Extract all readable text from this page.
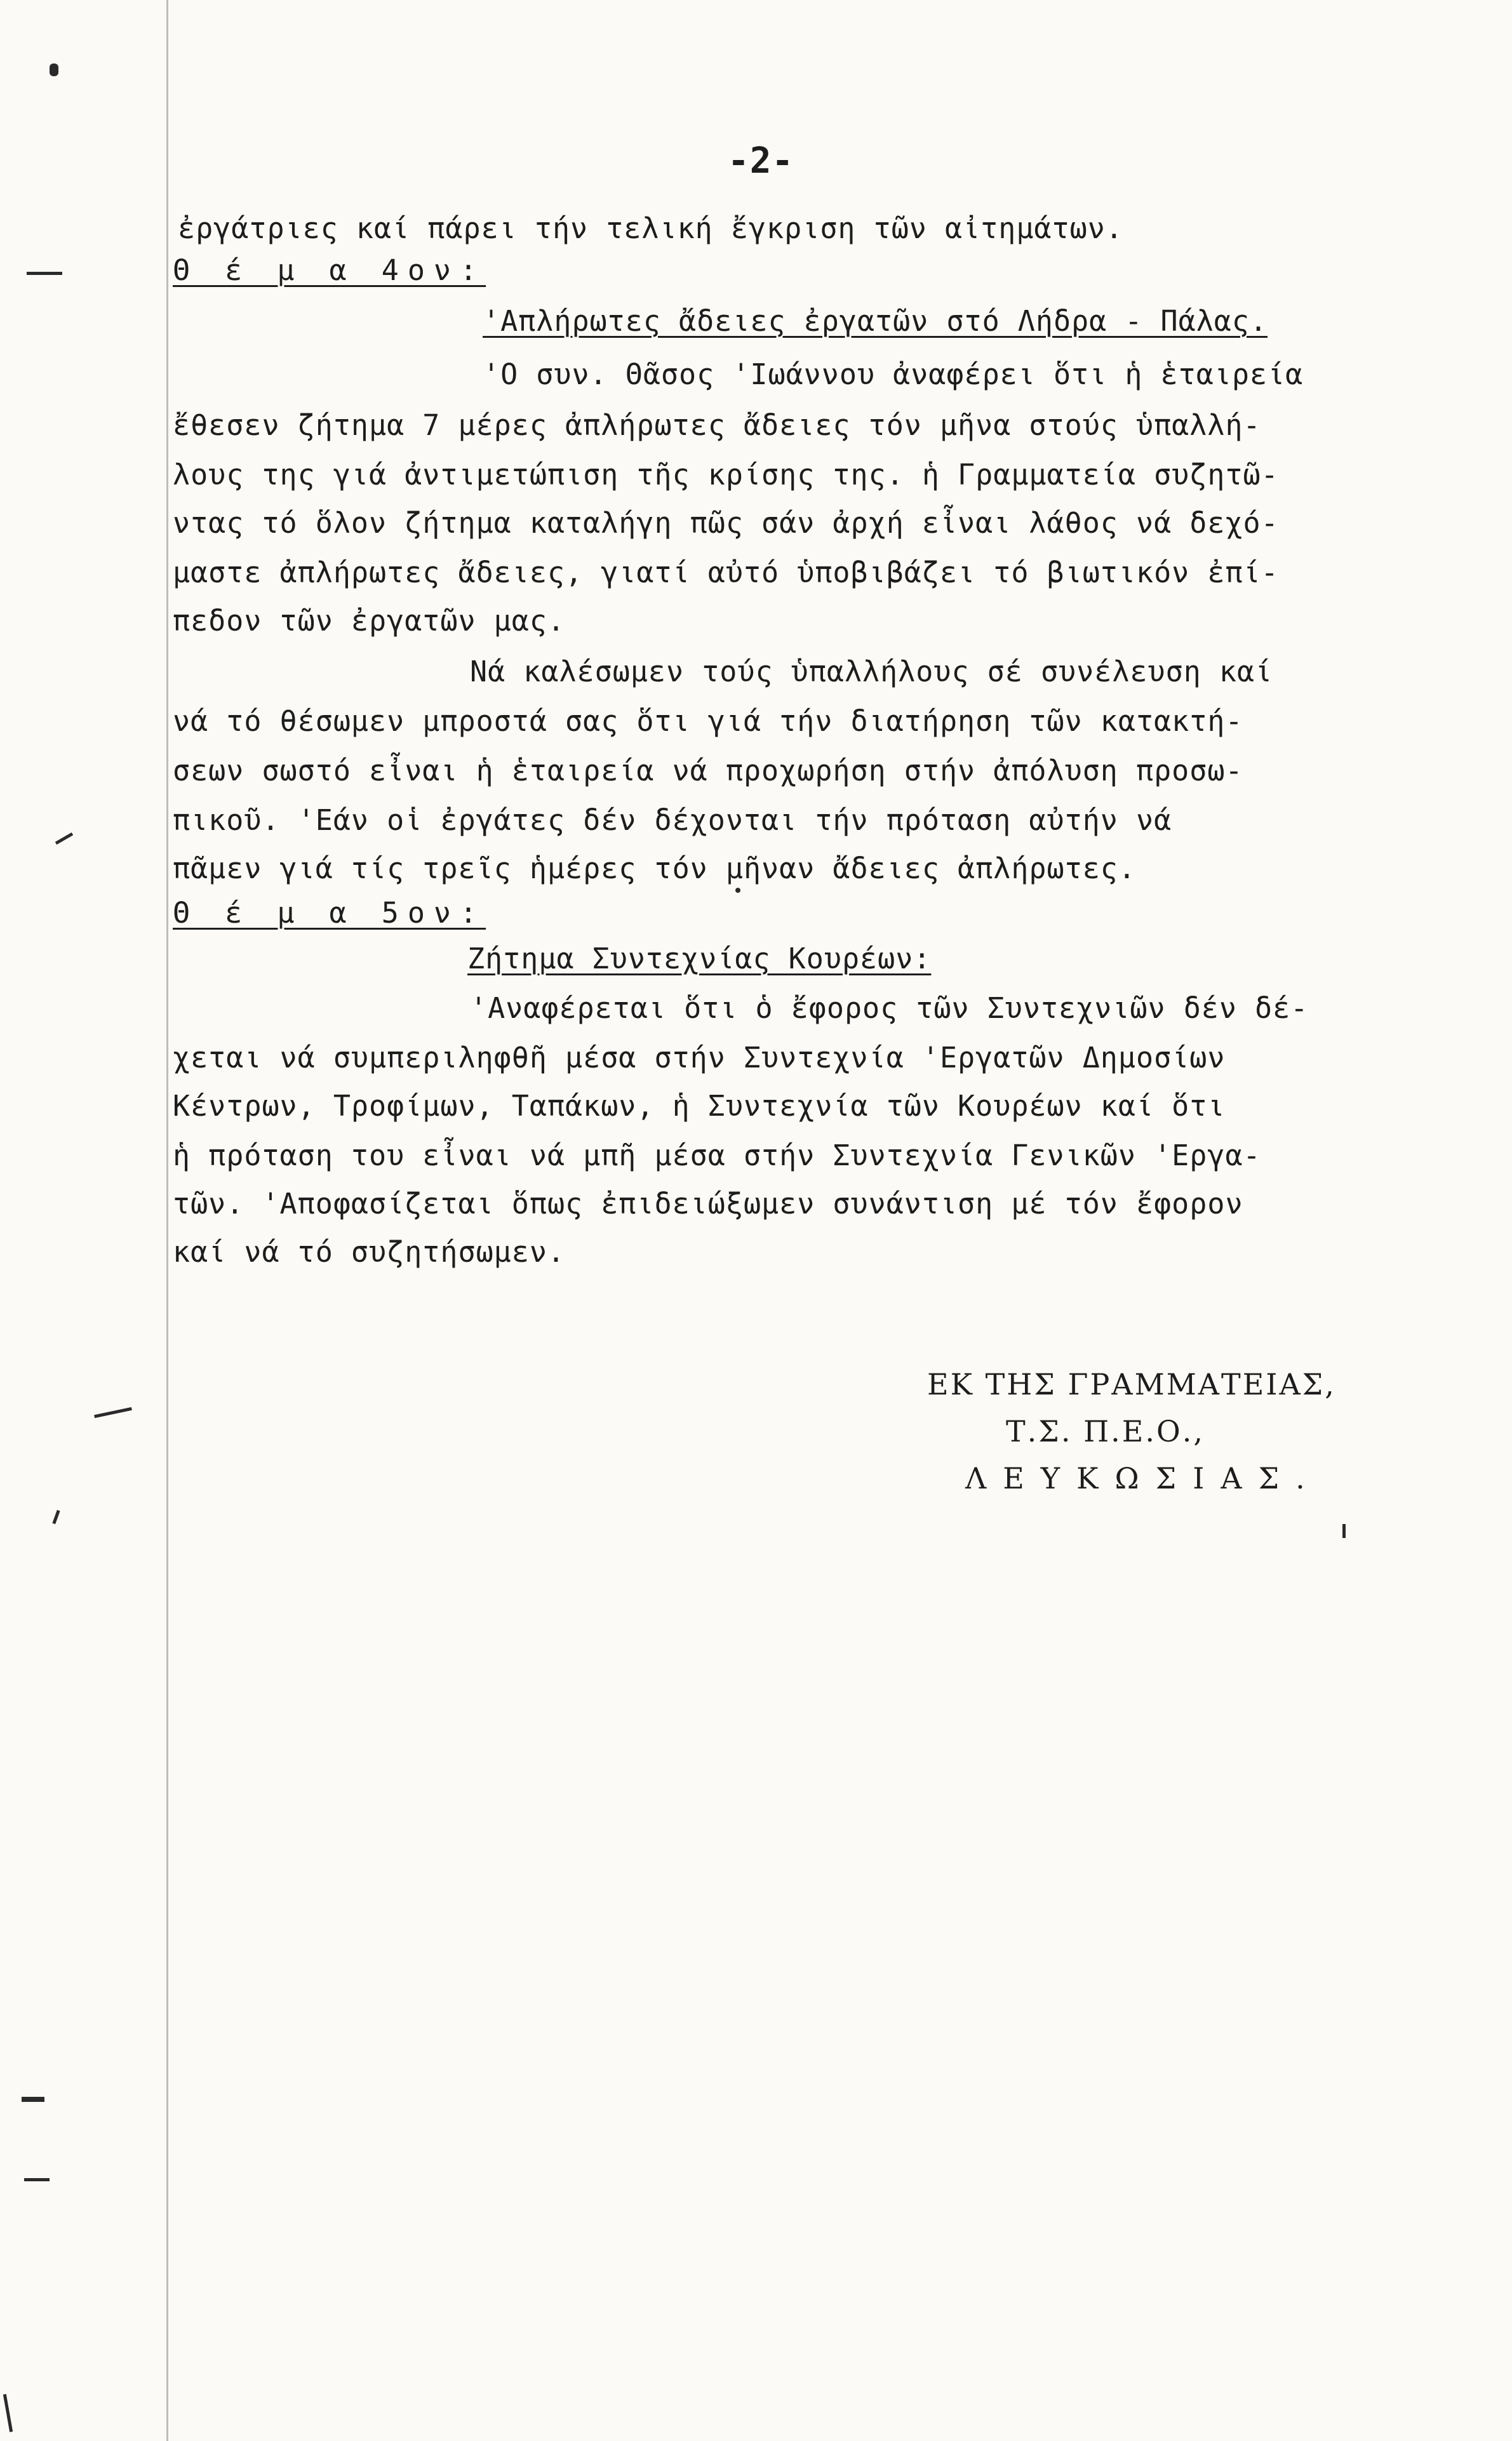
-2-
ἐργάτριες καί πάρει τήν τελική ἔγκριση τῶν αἰτημάτων.
Θ έ μ α 4ον:
'Απλήρωτες ἄδειες ἐργατῶν στό Λήδρα - Πάλας.
'Ο συν. Θᾶσος 'Ιωάννου ἀναφέρει ὅτι ἡ ἑταιρεία
ἔθεσεν ζήτημα 7 μέρες ἀπλήρωτες ἄδειες τόν μῆνα στούς ὑπαλλή-
λους της γιά ἀντιμετώπιση τῆς κρίσης της. ἡ Γραμματεία συζητῶ-
ντας τό ὅλον ζήτημα καταλήγη πῶς σάν ἀρχή εἶναι λάθος νά δεχό-
μαστε ἀπλήρωτες ἄδειες, γιατί αὐτό ὑποβιβάζει τό βιωτικόν ἐπί-
πεδον τῶν ἐργατῶν μας.
Νά καλέσωμεν τούς ὑπαλλήλους σέ συνέλευση καί
νά τό θέσωμεν μπροστά σας ὅτι γιά τήν διατήρηση τῶν κατακτή-
σεων σωστό εἶναι ἡ ἑταιρεία νά προχωρήση στήν ἀπόλυση προσω-
πικοῦ. 'Εάν οἱ ἐργάτες δέν δέχονται τήν πρόταση αὐτήν νά
πᾶμεν γιά τίς τρεῖς ἡμέρες τόν μῆναν ἄδειες ἀπλήρωτες.
Θ έ μ α 5ον:
Ζήτημα Συντεχνίας Κουρέων:
'Αναφέρεται ὅτι ὁ ἔφορος τῶν Συντεχνιῶν δέν δέ-
χεται νά συμπεριληφθῆ μέσα στήν Συντεχνία 'Εργατῶν Δημοσίων
Κέντρων, Τροφίμων, Ταπάκων, ἡ Συντεχνία τῶν Κουρέων καί ὅτι
ἡ πρόταση του εἶναι νά μπῆ μέσα στήν Συντεχνία Γενικῶν 'Εργα-
τῶν. 'Αποφασίζεται ὅπως ἐπιδειώξωμεν συνάντιση μέ τόν ἔφορον
καί νά τό συζητήσωμεν.
ΕΚ ΤΗΣ ΓΡΑΜΜΑΤΕΙΑΣ,
Τ.Σ. Π.Ε.Ο.,
ΛΕΥΚΩΣΙΑΣ.
